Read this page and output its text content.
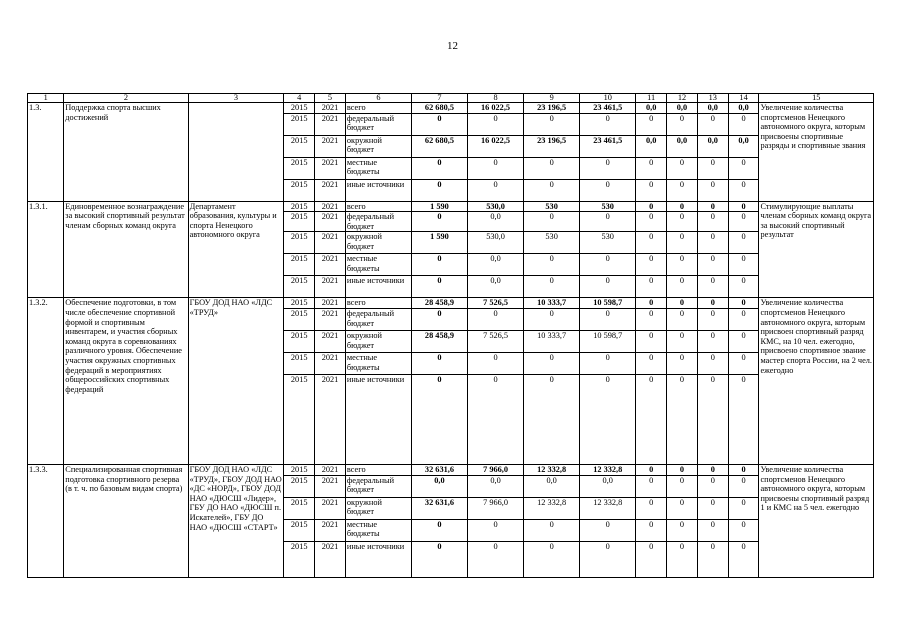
12
1	2	3	4	5	6	7	8	9	10	11	12	13	14	15
1.3.	Поддержка спорта высших достижений		2015	2021	всего	62 680,5	16 022,5	23 196,5	23 461,5	0,0	0,0	0,0	0,0	Увеличение количества спортсменов Ненецкого автономного округа, которым присвоены спортивные разряды и спортивные звания
			2015	2021	федеральный бюджет	0	0	0	0	0	0	0	0	
			2015	2021	окружной бюджет	62 680,5	16 022,5	23 196,5	23 461,5	0,0	0,0	0,0	0,0	
			2015	2021	местные бюджеты	0	0	0	0	0	0	0	0	
			2015	2021	иные источники	0	0	0	0	0	0	0	0	
1.3.1.	Единовременное вознаграждение за высокий спортивный результат членам сборных команд округа	Департамент образования, культуры и спорта Ненецкого автономного округа	2015	2021	всего	1 590	530,0	530	530	0	0	0	0	Стимулирующие выплаты членам сборных команд округа за высокий спортивный результат
			2015	2021	федеральный бюджет	0	0,0	0	0	0	0	0	0	
			2015	2021	окружной бюджет	1 590	530,0	530	530	0	0	0	0	
			2015	2021	местные бюджеты	0	0,0	0	0	0	0	0	0	
			2015	2021	иные источники	0	0,0	0	0	0	0	0	0	
1.3.2.	Обеспечение подготовки, в том числе обеспечение спортивной формой и спортивным инвентарем, и участия сборных команд округа в соревнованиях различного уровня. Обеспечение участия окружных спортивных федераций в мероприятиях общероссийских спортивных федераций	ГБОУ ДОД НАО «ЛДС «ТРУД»	2015	2021	всего	28 458,9	7 526,5	10 333,7	10 598,7	0	0	0	0	Увеличение количества спортсменов Ненецкого автономного округа, которым присвоен спортивный разряд КМС, на 10 чел. ежегодно, присвоено спортивное звание мастер спорта России, на 2 чел. ежегодно
			2015	2021	федеральный бюджет	0	0	0	0	0	0	0	0	
			2015	2021	окружной бюджет	28 458,9	7 526,5	10 333,7	10 598,7	0	0	0	0	
			2015	2021	местные бюджеты	0	0	0	0	0	0	0	0	
			2015	2021	иные источники	0	0	0	0	0	0	0	0	
1.3.3.	Специализированная спортивная подготовка спортивного резерва (в т. ч. по базовым видам спорта)	ГБОУ ДОД НАО «ЛДС «ТРУД», ГБОУ ДОД НАО «ДС «НОРД», ГБОУ ДОД НАО «ДЮСШ «Лидер», ГБУ ДО НАО «ДЮСШ п. Искателей», ГБУ ДО НАО «ДЮСШ «СТАРТ»	2015	2021	всего	32 631,6	7 966,0	12 332,8	12 332,8	0	0	0	0	Увеличение количества спортсменов Ненецкого автономного округа, которым присвоены спортивный разряд 1 и КМС на 5 чел. ежегодно
			2015	2021	федеральный бюджет	0,0	0,0	0,0	0,0	0	0	0	0	
			2015	2021	окружной бюджет	32 631,6	7 966,0	12 332,8	12 332,8	0	0	0	0	
			2015	2021	местные бюджеты	0	0	0	0	0	0	0	0	
			2015	2021	иные источники	0	0	0	0	0	0	0	0	
